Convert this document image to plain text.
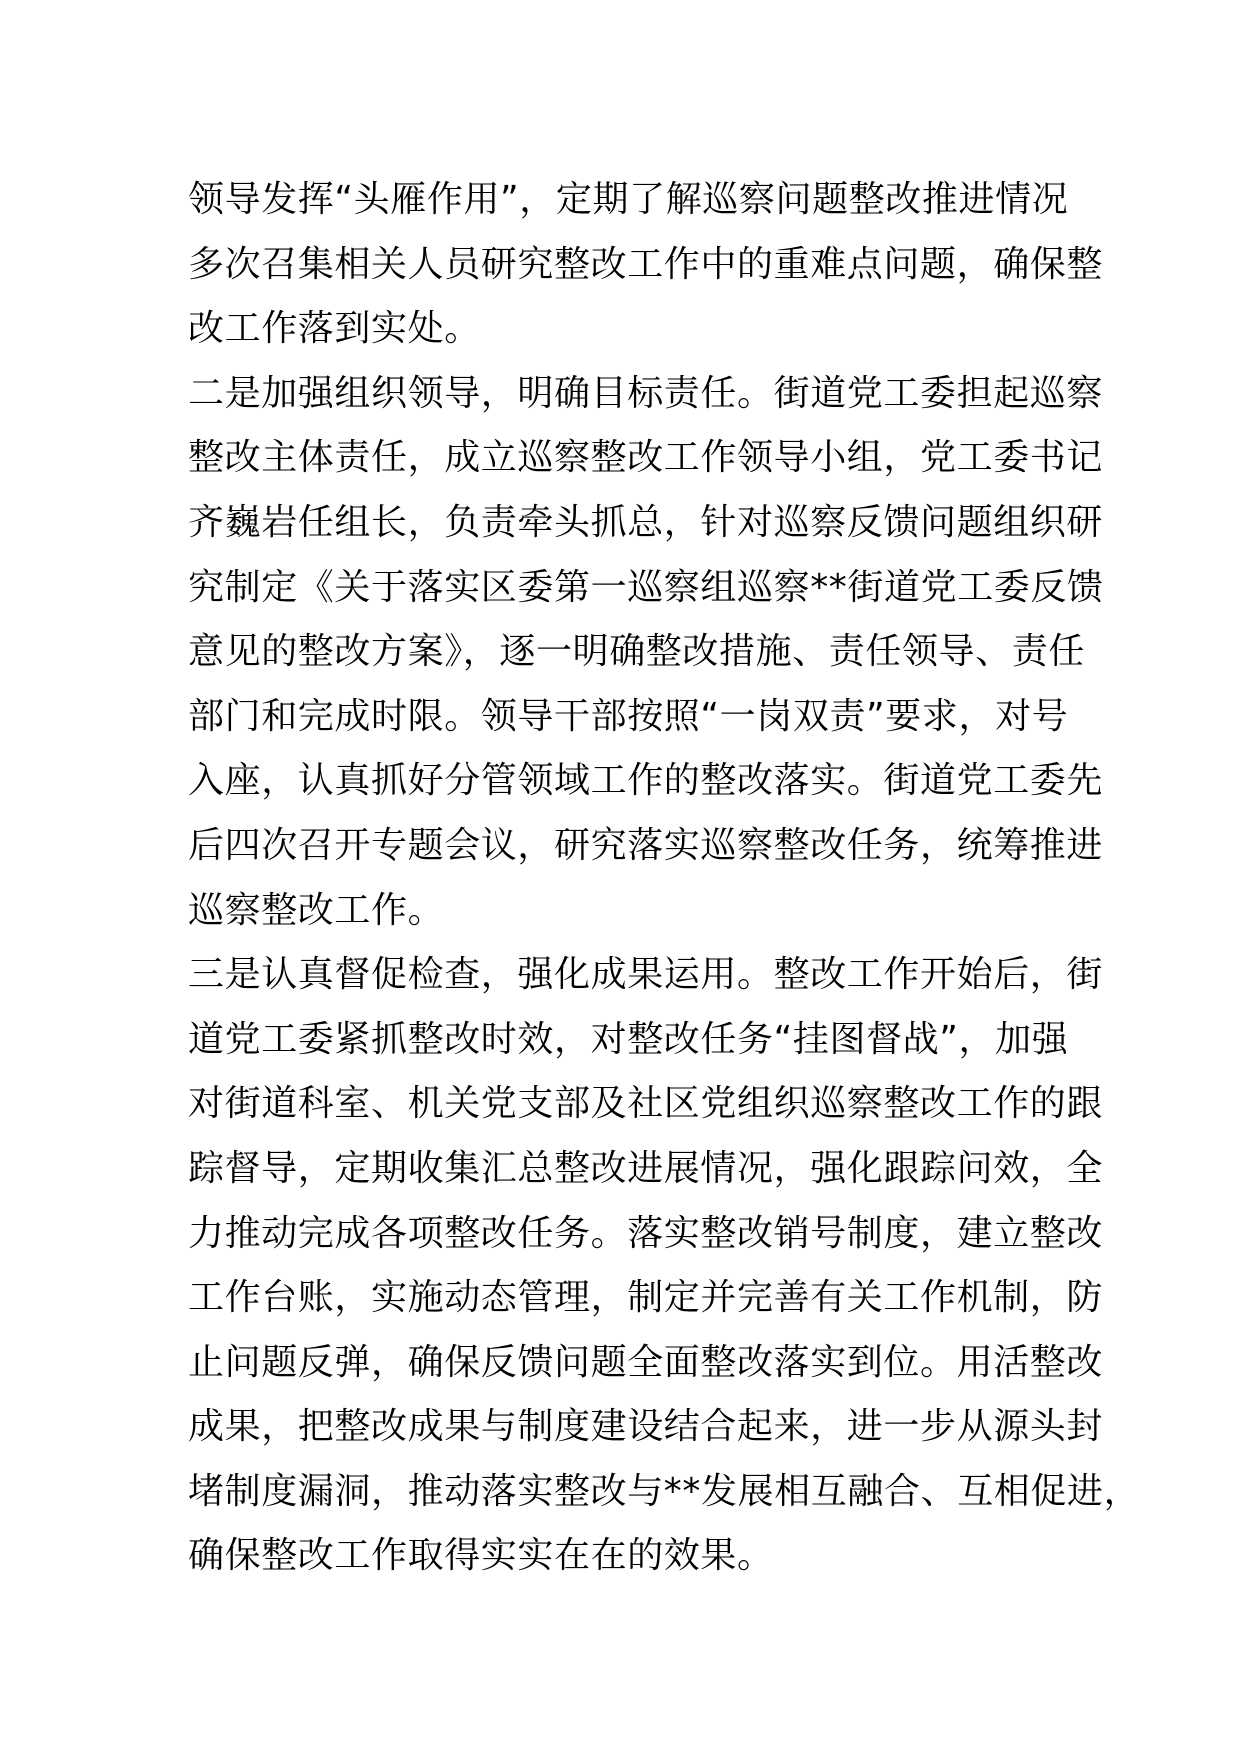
领导发挥“头雁作用”，定期了解巡察问题整改推进情况
多次召集相关人员研究整改工作中的重难点问题，确保整
改工作落到实处。
二是加强组织领导，明确目标责任。街道党工委担起巡察
整改主体责任，成立巡察整改工作领导小组，党工委书记
齐巍岩任组长，负责牵头抓总，针对巡察反馈问题组织研
究制定《关于落实区委第一巡察组巡察**街道党工委反馈
意见的整改方案》，逐一明确整改措施、责任领导、责任
部门和完成时限。领导干部按照“一岗双责”要求，对号
入座，认真抓好分管领域工作的整改落实。街道党工委先
后四次召开专题会议，研究落实巡察整改任务，统筹推进
巡察整改工作。
三是认真督促检查，强化成果运用。整改工作开始后，街
道党工委紧抓整改时效，对整改任务“挂图督战”，加强
对街道科室、机关党支部及社区党组织巡察整改工作的跟
踪督导，定期收集汇总整改进展情况，强化跟踪问效，全
力推动完成各项整改任务。落实整改销号制度，建立整改
工作台账，实施动态管理，制定并完善有关工作机制，防
止问题反弹，确保反馈问题全面整改落实到位。用活整改
成果，把整改成果与制度建设结合起来，进一步从源头封
堵制度漏洞，推动落实整改与**发展相互融合、互相促进，
确保整改工作取得实实在在的效果。
